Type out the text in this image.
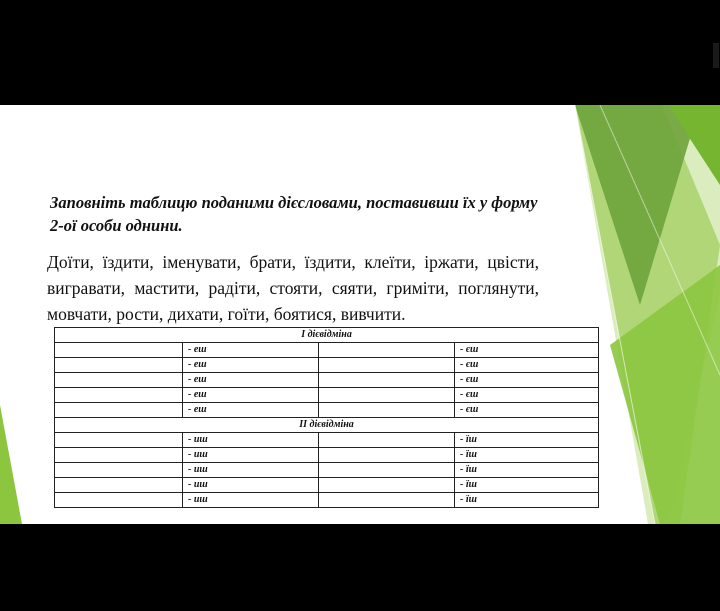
Заповніть таблицю поданими дієсловами, поставивши їх у форму 2-ої особи однини.
Доїти, їздити, іменувати, брати, їздити, клеїти, іржати, цвісти, вигравати, мастити, радіти, стояти, сяяти, гриміти, поглянути, мовчати, рости, дихати, гоїти, боятися, вивчити.
I дієвідміна			
	- еш		- єш
	- еш		- єш
	- еш		- єш
	- еш		- єш
	- еш		- єш
II дієвідміна			
	- иш		- їш
	- иш		- їш
	- иш		- їш
	- иш		- їш
	- иш		- їш
